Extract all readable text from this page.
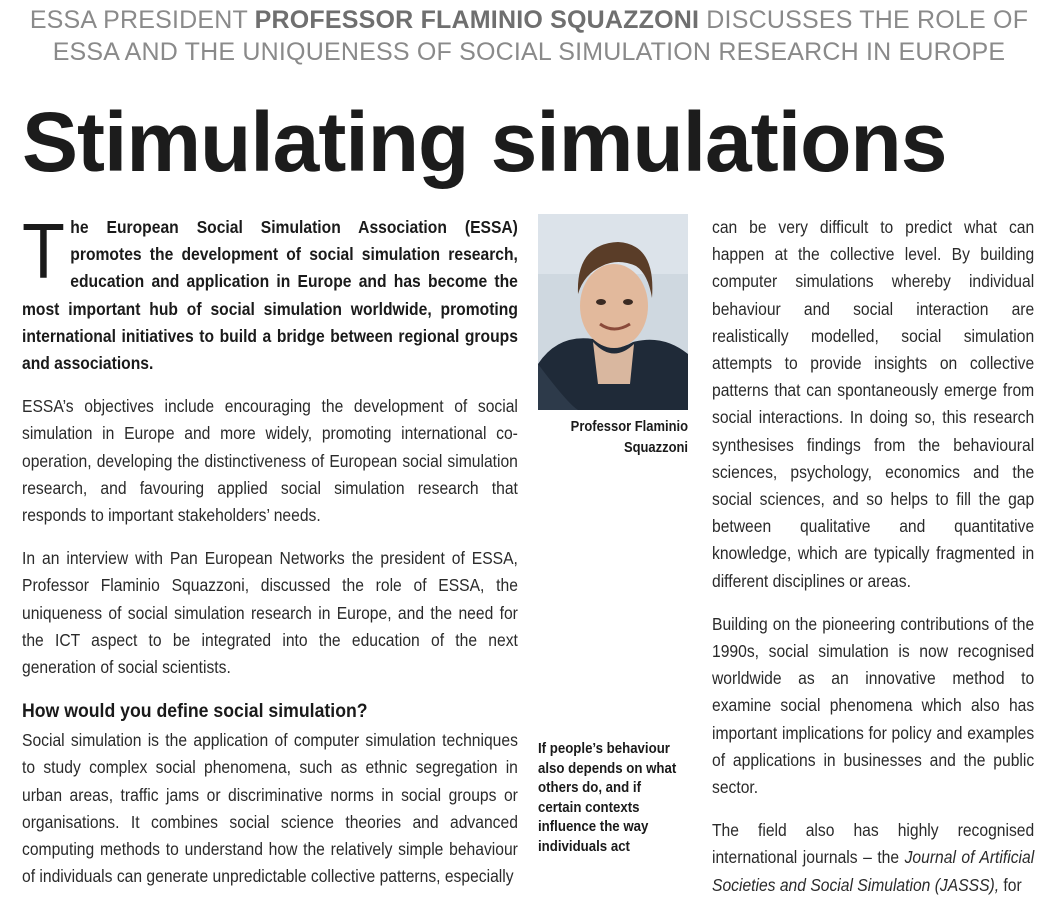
ESSA PRESIDENT PROFESSOR FLAMINIO SQUAZZONI DISCUSSES THE ROLE OF ESSA AND THE UNIQUENESS OF SOCIAL SIMULATION RESEARCH IN EUROPE
Stimulating simulations

The European Social Simulation Association (ESSA) promotes the development of social simulation research, education and application in Europe and has become the most important hub of social simulation worldwide, promoting international initiatives to build a bridge between regional groups and associations.

ESSA’s objectives include encouraging the development of social simulation in Europe and more widely, promoting international co-operation, developing the distinctiveness of European social simulation research, and favouring applied social simulation research that responds to important stakeholders’ needs.

In an interview with Pan European Networks the president of ESSA, Professor Flaminio Squazzoni, discussed the role of ESSA, the uniqueness of social simulation research in Europe, and the need for the ICT aspect to be integrated into the education of the next generation of social scientists.

How would you define social simulation?

Social simulation is the application of computer simulation techniques to study complex social phenomena, such as ethnic segregation in urban areas, traffic jams or discriminative norms in social groups or organisations. It combines social science theories and advanced computing methods to understand how the relatively simple behaviour of individuals can generate unpredictable collective patterns, especially

Professor Flaminio Squazzoni
If people’s behaviour also depends on what others do, and if certain contexts influence the way individuals act

can be very difficult to predict what can happen at the collective level. By building computer simulations whereby individual behaviour and social interaction are realistically modelled, social simulation attempts to provide insights on collective patterns that can spontaneously emerge from social interactions. In doing so, this research synthesises findings from the behavioural sciences, psychology, economics and the social sciences, and so helps to fill the gap between qualitative and quantitative knowledge, which are typically fragmented in different disciplines or areas.

Building on the pioneering contributions of the 1990s, social simulation is now recognised worldwide as an innovative method to examine social phenomena which also has important implications for policy and examples of applications in businesses and the public sector.

The field also has highly recognised international journals – the Journal of Artificial Societies and Social Simulation (JASSS), for
